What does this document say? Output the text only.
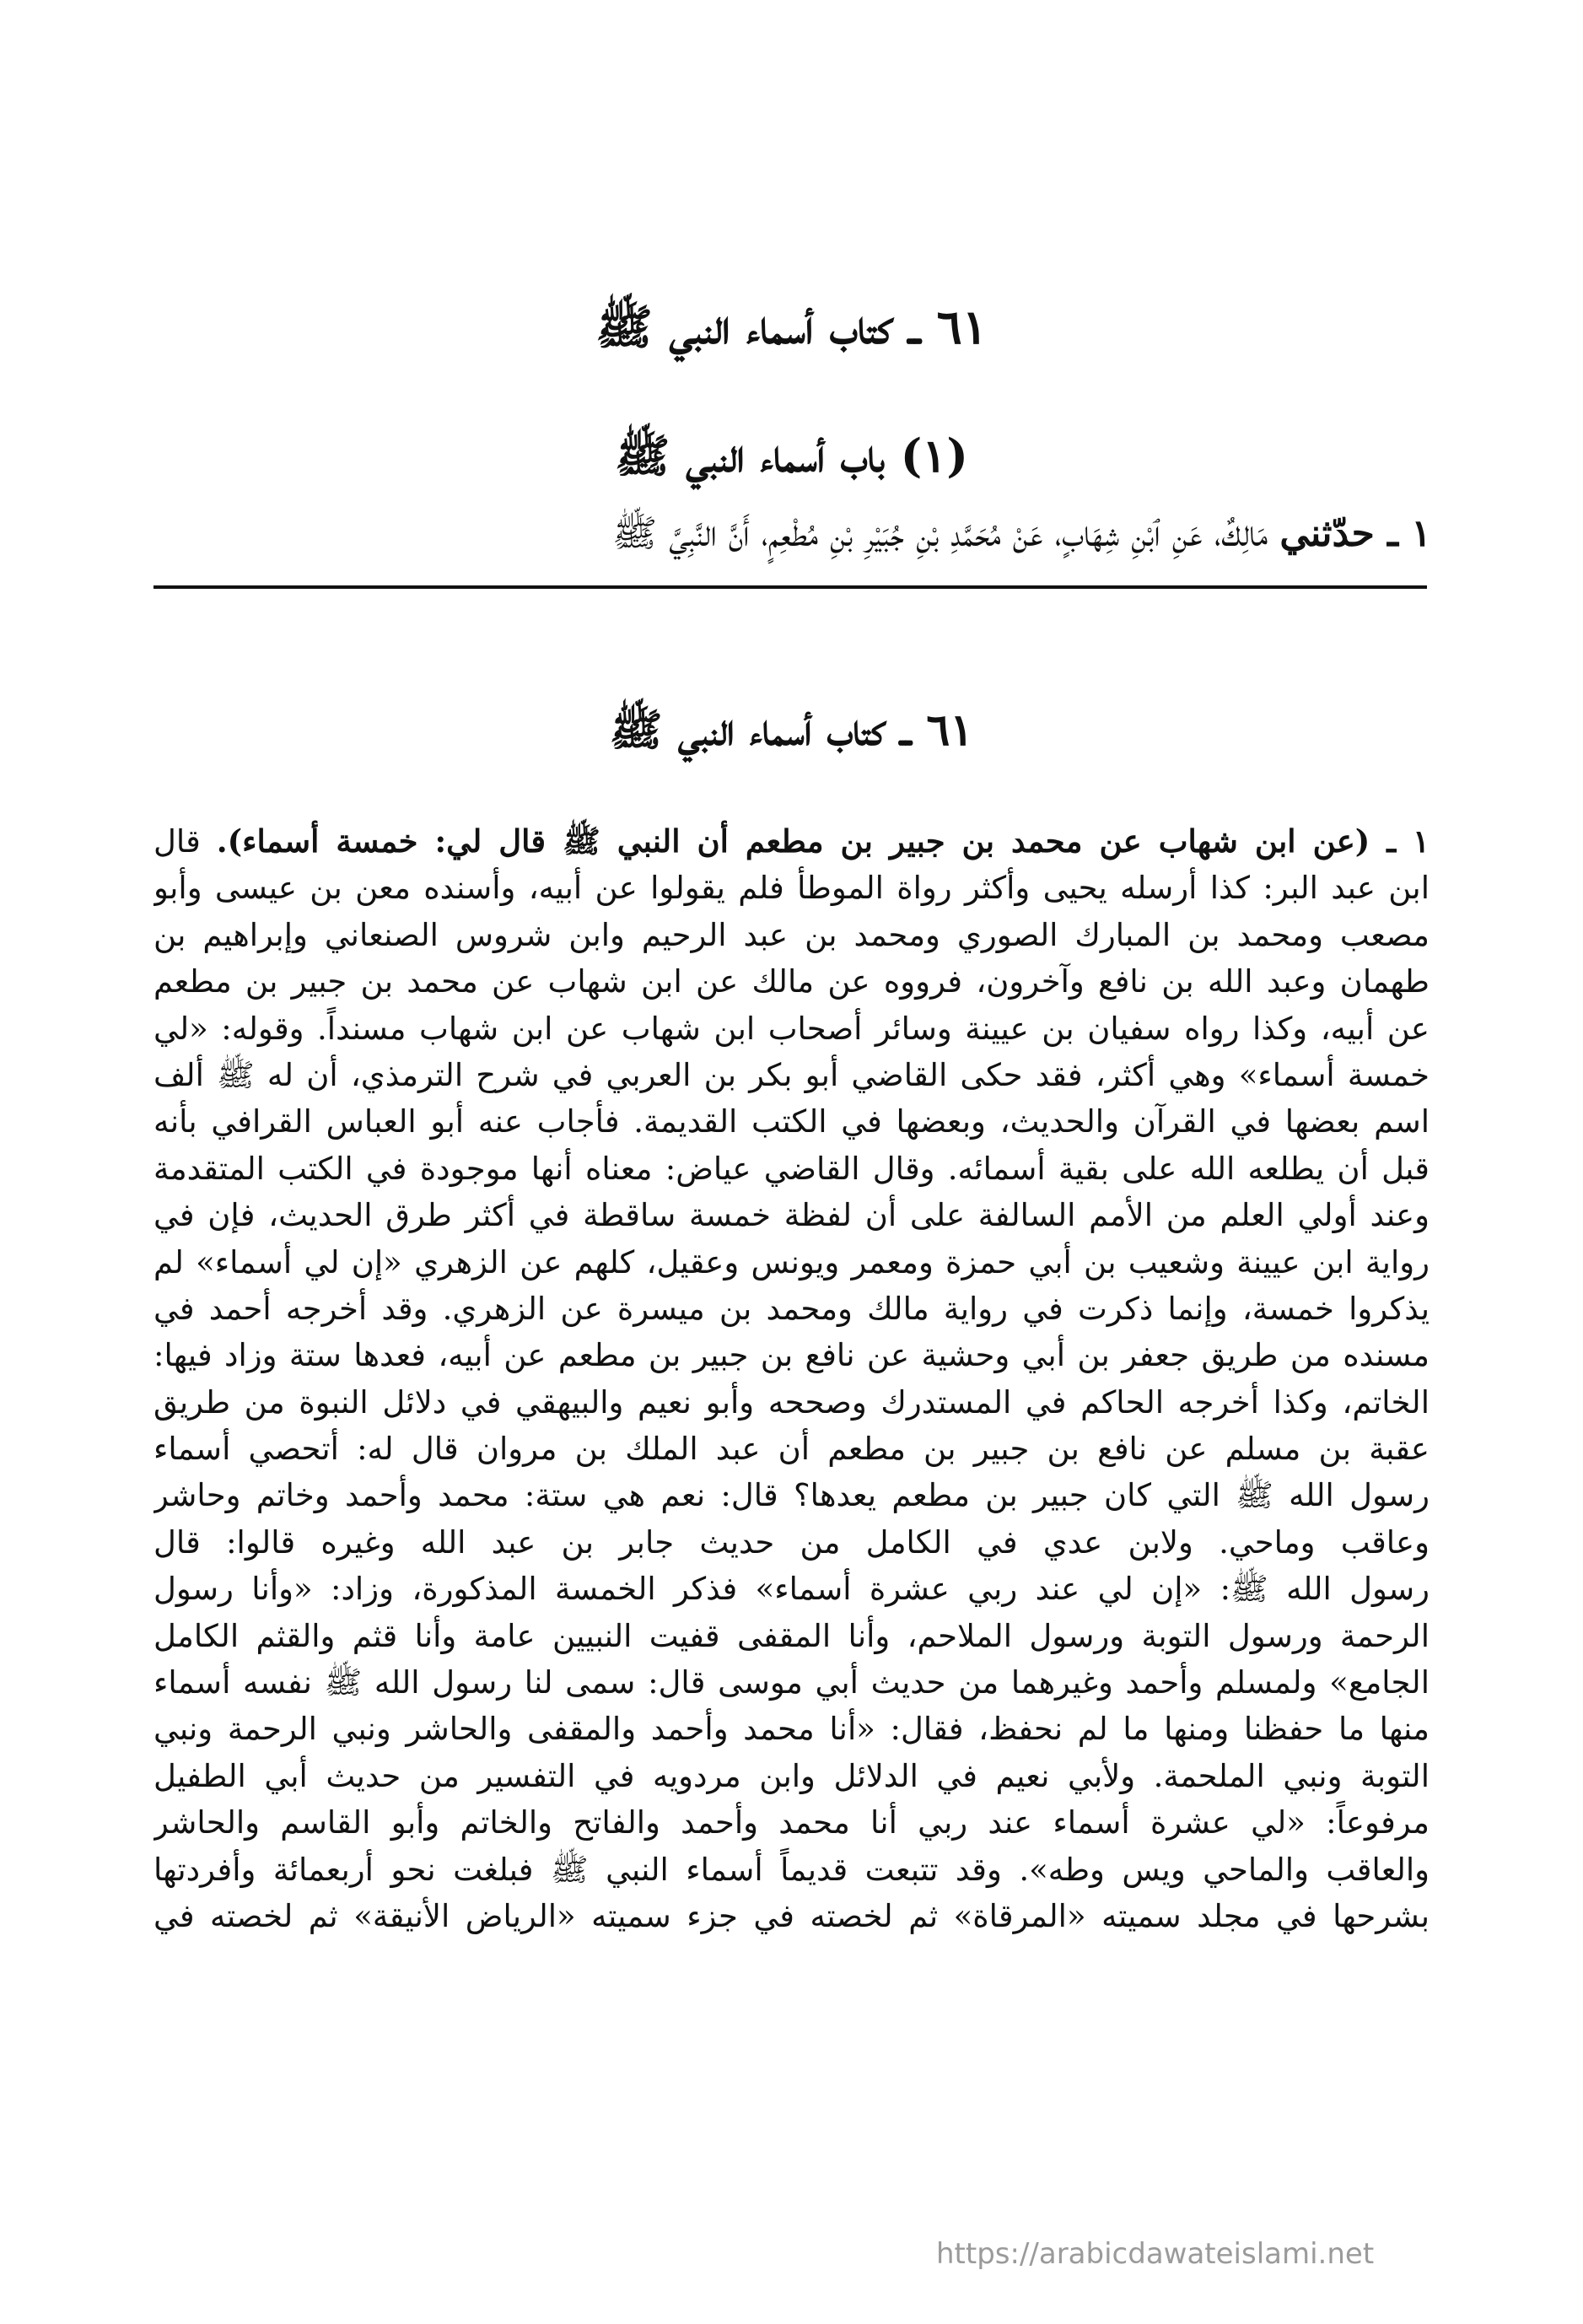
٦١ ــ كتاب أسماء النبي ﷺ
(١) باب أسماء النبي ﷺ
١ ـ حدّثني مَالِكٌ، عَنِ ٱبْنِ شِهَابٍ، عَنْ مُحَمَّدِ بْنِ جُبَيْرِ بْنِ مُطْعِمٍ، أَنَّ النَّبِيَّ ﷺ
٦١ ــ كتاب أسماء النبي ﷺ
١ ـ (عن ابن شهاب عن محمد بن جبير بن مطعم أن النبي ﷺ قال لي: خمسة أسماء). قال
ابن عبد البر: كذا أرسله يحيى وأكثر رواة الموطأ فلم يقولوا عن أبيه، وأسنده معن بن عيسى وأبو
مصعب ومحمد بن المبارك الصوري ومحمد بن عبد الرحيم وابن شروس الصنعاني وإبراهيم بن
طهمان وعبد الله بن نافع وآخرون، فرووه عن مالك عن ابن شهاب عن محمد بن جبير بن مطعم
عن أبيه، وكذا رواه سفيان بن عيينة وسائر أصحاب ابن شهاب عن ابن شهاب مسنداً. وقوله: «لي
خمسة أسماء» وهي أكثر، فقد حكى القاضي أبو بكر بن العربي في شرح الترمذي، أن له ﷺ ألف
اسم بعضها في القرآن والحديث، وبعضها في الكتب القديمة. فأجاب عنه أبو العباس القرافي بأنه
قبل أن يطلعه الله على بقية أسمائه. وقال القاضي عياض: معناه أنها موجودة في الكتب المتقدمة
وعند أولي العلم من الأمم السالفة على أن لفظة خمسة ساقطة في أكثر طرق الحديث، فإن في
رواية ابن عيينة وشعيب بن أبي حمزة ومعمر ويونس وعقيل، كلهم عن الزهري «إن لي أسماء» لم
يذكروا خمسة، وإنما ذكرت في رواية مالك ومحمد بن ميسرة عن الزهري. وقد أخرجه أحمد في
مسنده من طريق جعفر بن أبي وحشية عن نافع بن جبير بن مطعم عن أبيه، فعدها ستة وزاد فيها:
الخاتم، وكذا أخرجه الحاكم في المستدرك وصححه وأبو نعيم والبيهقي في دلائل النبوة من طريق
عقبة بن مسلم عن نافع بن جبير بن مطعم أن عبد الملك بن مروان قال له: أتحصي أسماء
رسول الله ﷺ التي كان جبير بن مطعم يعدها؟ قال: نعم هي ستة: محمد وأحمد وخاتم وحاشر
وعاقب وماحي. ولابن عدي في الكامل من حديث جابر بن عبد الله وغيره قالوا: قال
رسول الله ﷺ: «إن لي عند ربي عشرة أسماء» فذكر الخمسة المذكورة، وزاد: «وأنا رسول
الرحمة ورسول التوبة ورسول الملاحم، وأنا المقفى قفيت النبيين عامة وأنا قثم والقثم الكامل
الجامع» ولمسلم وأحمد وغيرهما من حديث أبي موسى قال: سمى لنا رسول الله ﷺ نفسه أسماء
منها ما حفظنا ومنها ما لم نحفظ، فقال: «أنا محمد وأحمد والمقفى والحاشر ونبي الرحمة ونبي
التوبة ونبي الملحمة. ولأبي نعيم في الدلائل وابن مردويه في التفسير من حديث أبي الطفيل
مرفوعاً: «لي عشرة أسماء عند ربي أنا محمد وأحمد والفاتح والخاتم وأبو القاسم والحاشر
والعاقب والماحي ويس وطه». وقد تتبعت قديماً أسماء النبي ﷺ فبلغت نحو أربعمائة وأفردتها
بشرحها في مجلد سميته «المرقاة» ثم لخصته في جزء سميته «الرياض الأنيقة» ثم لخصته في
https://arabicdawateislami.net
